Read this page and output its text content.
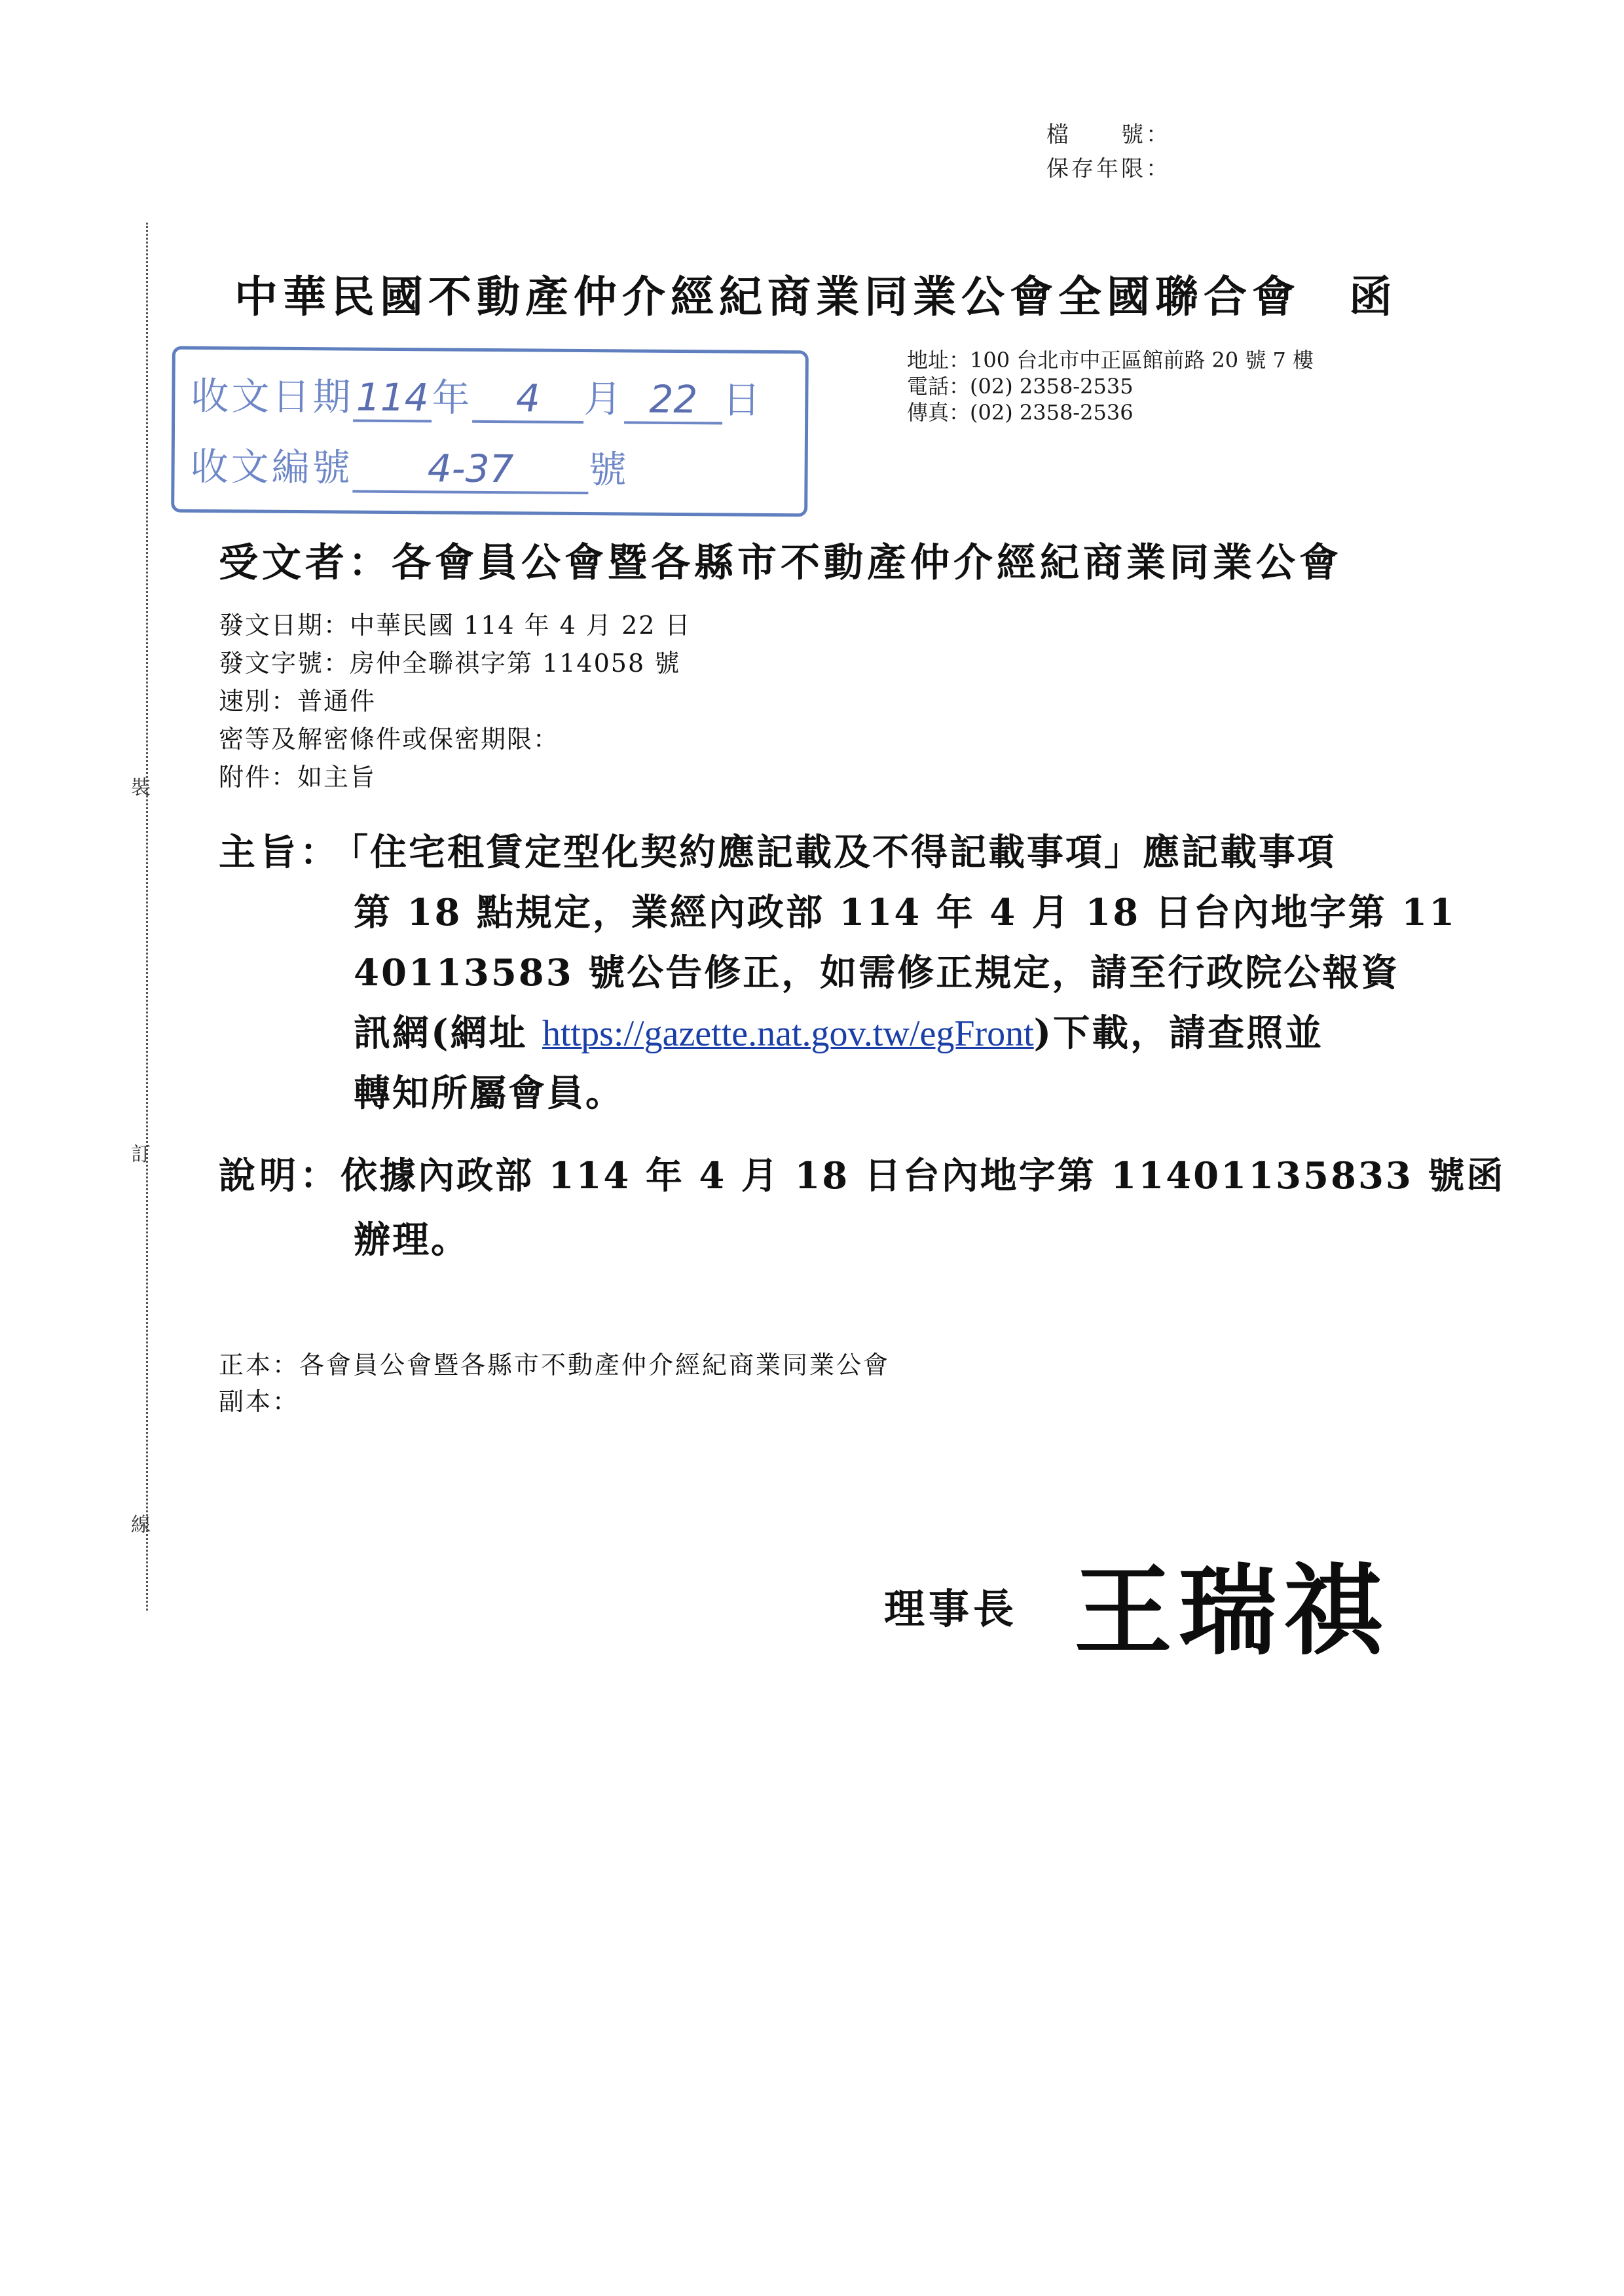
檔　　號：
保存年限：
裝
訂
線
中華民國不動產仲介經紀商業同業公會全國聯合會　函
地址：100 台北市中正區館前路 20 號 7 樓
電話：(02) 2358-2535
傳真：(02) 2358-2536
收文日期114年 4 月 22 日
收文編號 4-37 號
受文者：各會員公會暨各縣市不動產仲介經紀商業同業公會
發文日期：中華民國 114 年 4 月 22 日
發文字號：房仲全聯祺字第 114058 號
速別：普通件
密等及解密條件或保密期限：
附件：如主旨
主旨：
「住宅租賃定型化契約應記載及不得記載事項」應記載事項
第 18 點規定，業經內政部 114 年 4 月 18 日台內地字第 11
40113583 號公告修正，如需修正規定，請至行政院公報資
訊網(網址 https://gazette.nat.gov.tw/egFront)下載，請查照並
轉知所屬會員。
說明： 依據內政部 114 年 4 月 18 日台內地字第 11401135833 號函
辦理。
正本：各會員公會暨各縣市不動產仲介經紀商業同業公會
副本：
理事長 王瑞祺
